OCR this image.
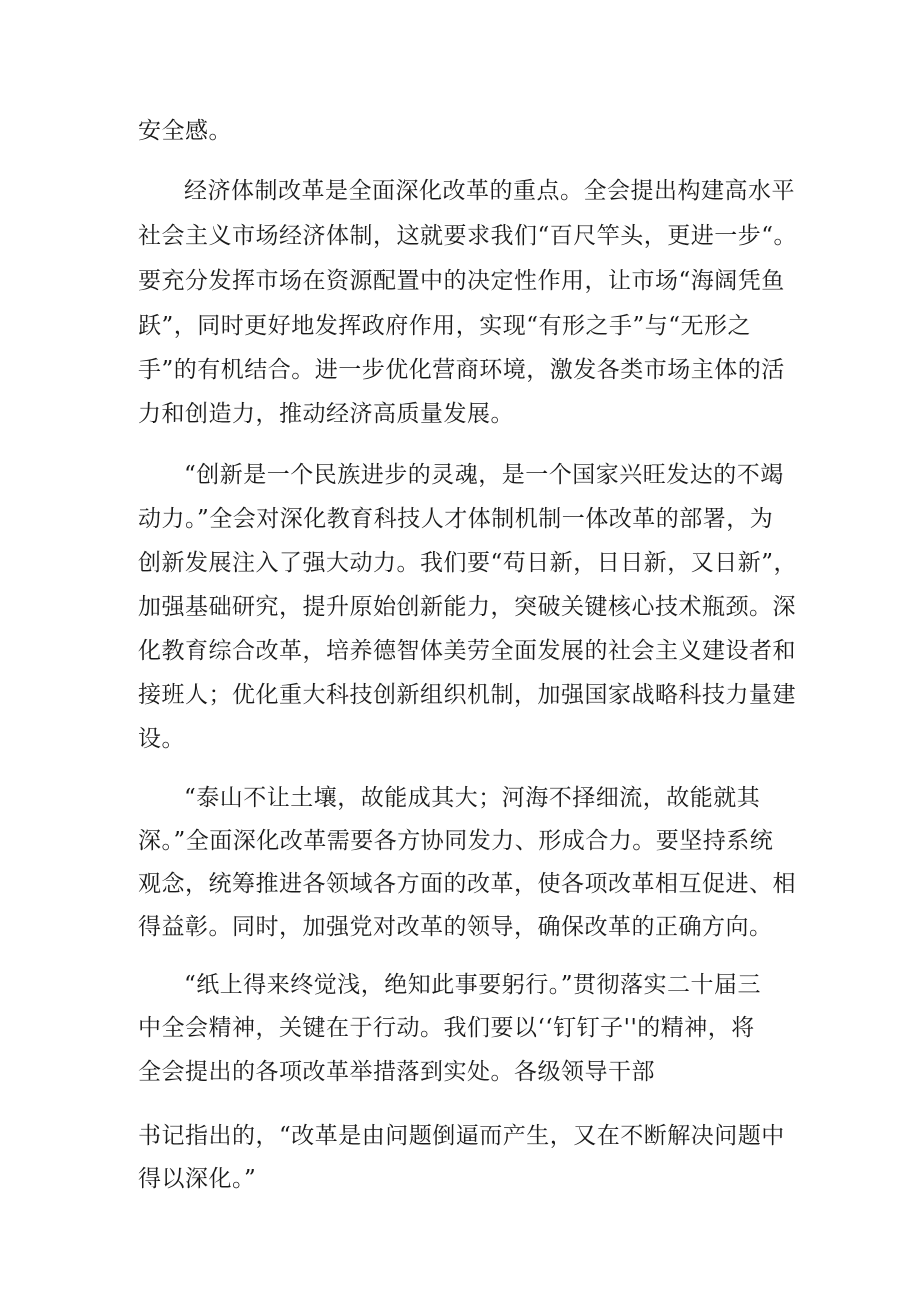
安全感。
经济体制改革是全面深化改革的重点。全会提出构建高水平
社会主义市场经济体制，这就要求我们“百尺竿头，更进一步“。
要充分发挥市场在资源配置中的决定性作用，让市场“海阔凭鱼
跃”，同时更好地发挥政府作用，实现“有形之手”与“无形之
手”的有机结合。进一步优化营商环境，激发各类市场主体的活
力和创造力，推动经济高质量发展。
“创新是一个民族进步的灵魂，是一个国家兴旺发达的不竭
动力。”全会对深化教育科技人才体制机制一体改革的部署，为
创新发展注入了强大动力。我们要“苟日新，日日新，又日新”，
加强基础研究，提升原始创新能力，突破关键核心技术瓶颈。深
化教育综合改革，培养德智体美劳全面发展的社会主义建设者和
接班人；优化重大科技创新组织机制，加强国家战略科技力量建
设。
“泰山不让土壤，故能成其大；河海不择细流，故能就其
深。”全面深化改革需要各方协同发力、形成合力。要坚持系统
观念，统筹推进各领域各方面的改革，使各项改革相互促进、相
得益彰。同时，加强党对改革的领导，确保改革的正确方向。
“纸上得来终觉浅，绝知此事要躬行。”贯彻落实二十届三
中全会精神，关键在于行动。我们要以‘‘钉钉子''的精神，将
全会提出的各项改革举措落到实处。各级领导干部
书记指出的，“改革是由问题倒逼而产生，又在不断解决问题中
得以深化。”
